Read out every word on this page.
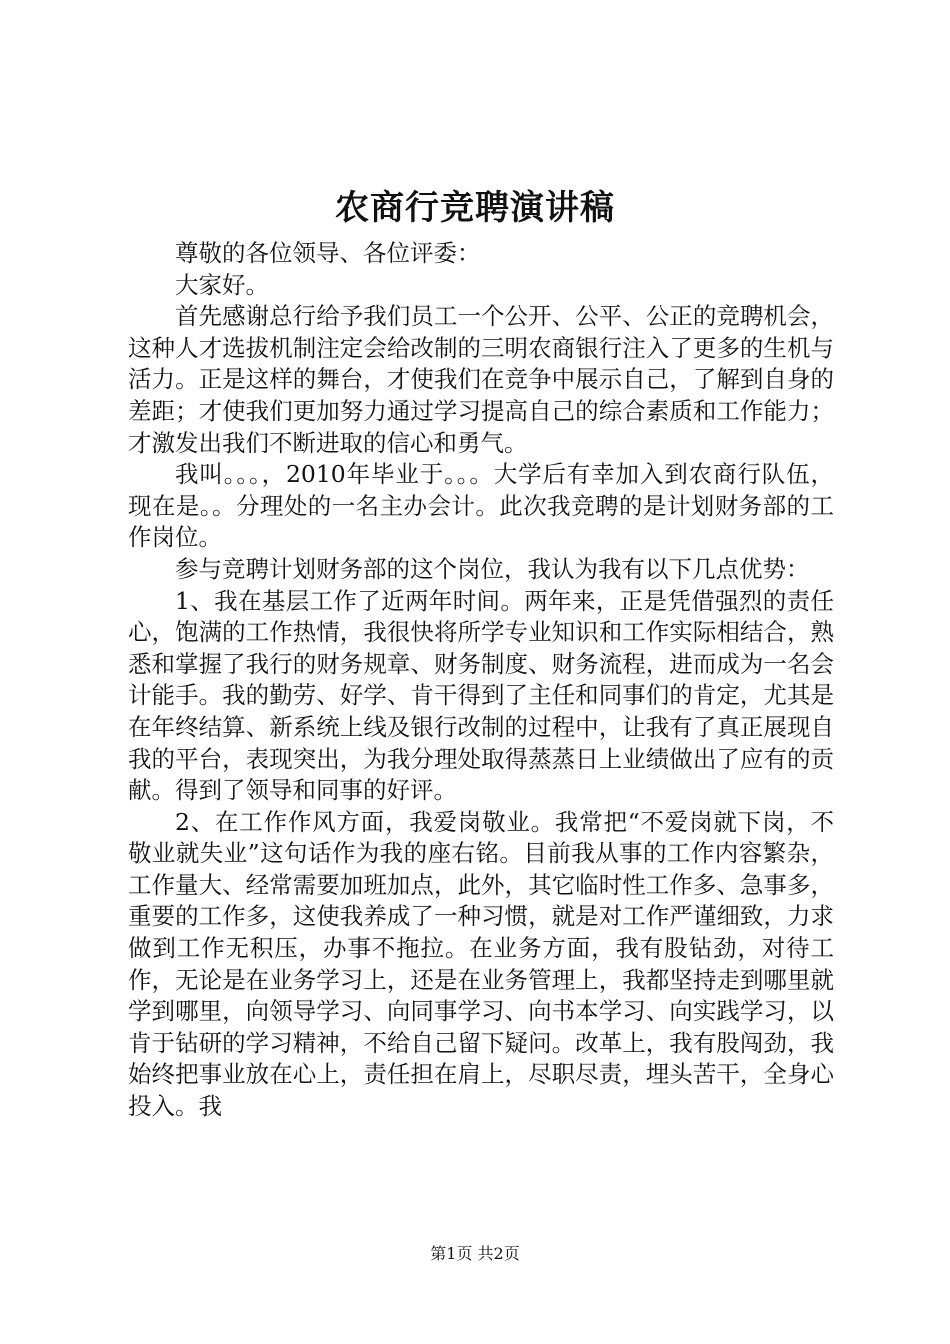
农商行竞聘演讲稿

尊敬的各位领导、各位评委：

大家好。

首先感谢总行给予我们员工一个公开、公平、公正的竞聘机会，这种人才选拔机制注定会给改制的三明农商银行注入了更多的生机与活力。正是这样的舞台，才使我们在竞争中展示自己，了解到自身的差距；才使我们更加努力通过学习提高自己的综合素质和工作能力；才激发出我们不断进取的信心和勇气。

我叫。。。，2010年毕业于。。。大学后有幸加入到农商行队伍，现在是。。分理处的一名主办会计。此次我竞聘的是计划财务部的工作岗位。

参与竞聘计划财务部的这个岗位，我认为我有以下几点优势：

1、我在基层工作了近两年时间。两年来，正是凭借强烈的责任心，饱满的工作热情，我很快将所学专业知识和工作实际相结合，熟悉和掌握了我行的财务规章、财务制度、财务流程，进而成为一名会计能手。我的勤劳、好学、肯干得到了主任和同事们的肯定，尤其是在年终结算、新系统上线及银行改制的过程中，让我有了真正展现自我的平台，表现突出，为我分理处取得蒸蒸日上业绩做出了应有的贡献。得到了领导和同事的好评。

2、在工作作风方面，我爱岗敬业。我常把“不爱岗就下岗，不敬业就失业”这句话作为我的座右铭。目前我从事的工作内容繁杂，工作量大、经常需要加班加点，此外，其它临时性工作多、急事多，重要的工作多，这使我养成了一种习惯，就是对工作严谨细致，力求做到工作无积压，办事不拖拉。在业务方面，我有股钻劲，对待工作，无论是在业务学习上，还是在业务管理上，我都坚持走到哪里就学到哪里，向领导学习、向同事学习、向书本学习、向实践学习，以肯于钻研的学习精神，不给自己留下疑问。改革上，我有股闯劲，我始终把事业放在心上，责任担在肩上，尽职尽责，埋头苦干，全身心投入。我

第1页 共2页
